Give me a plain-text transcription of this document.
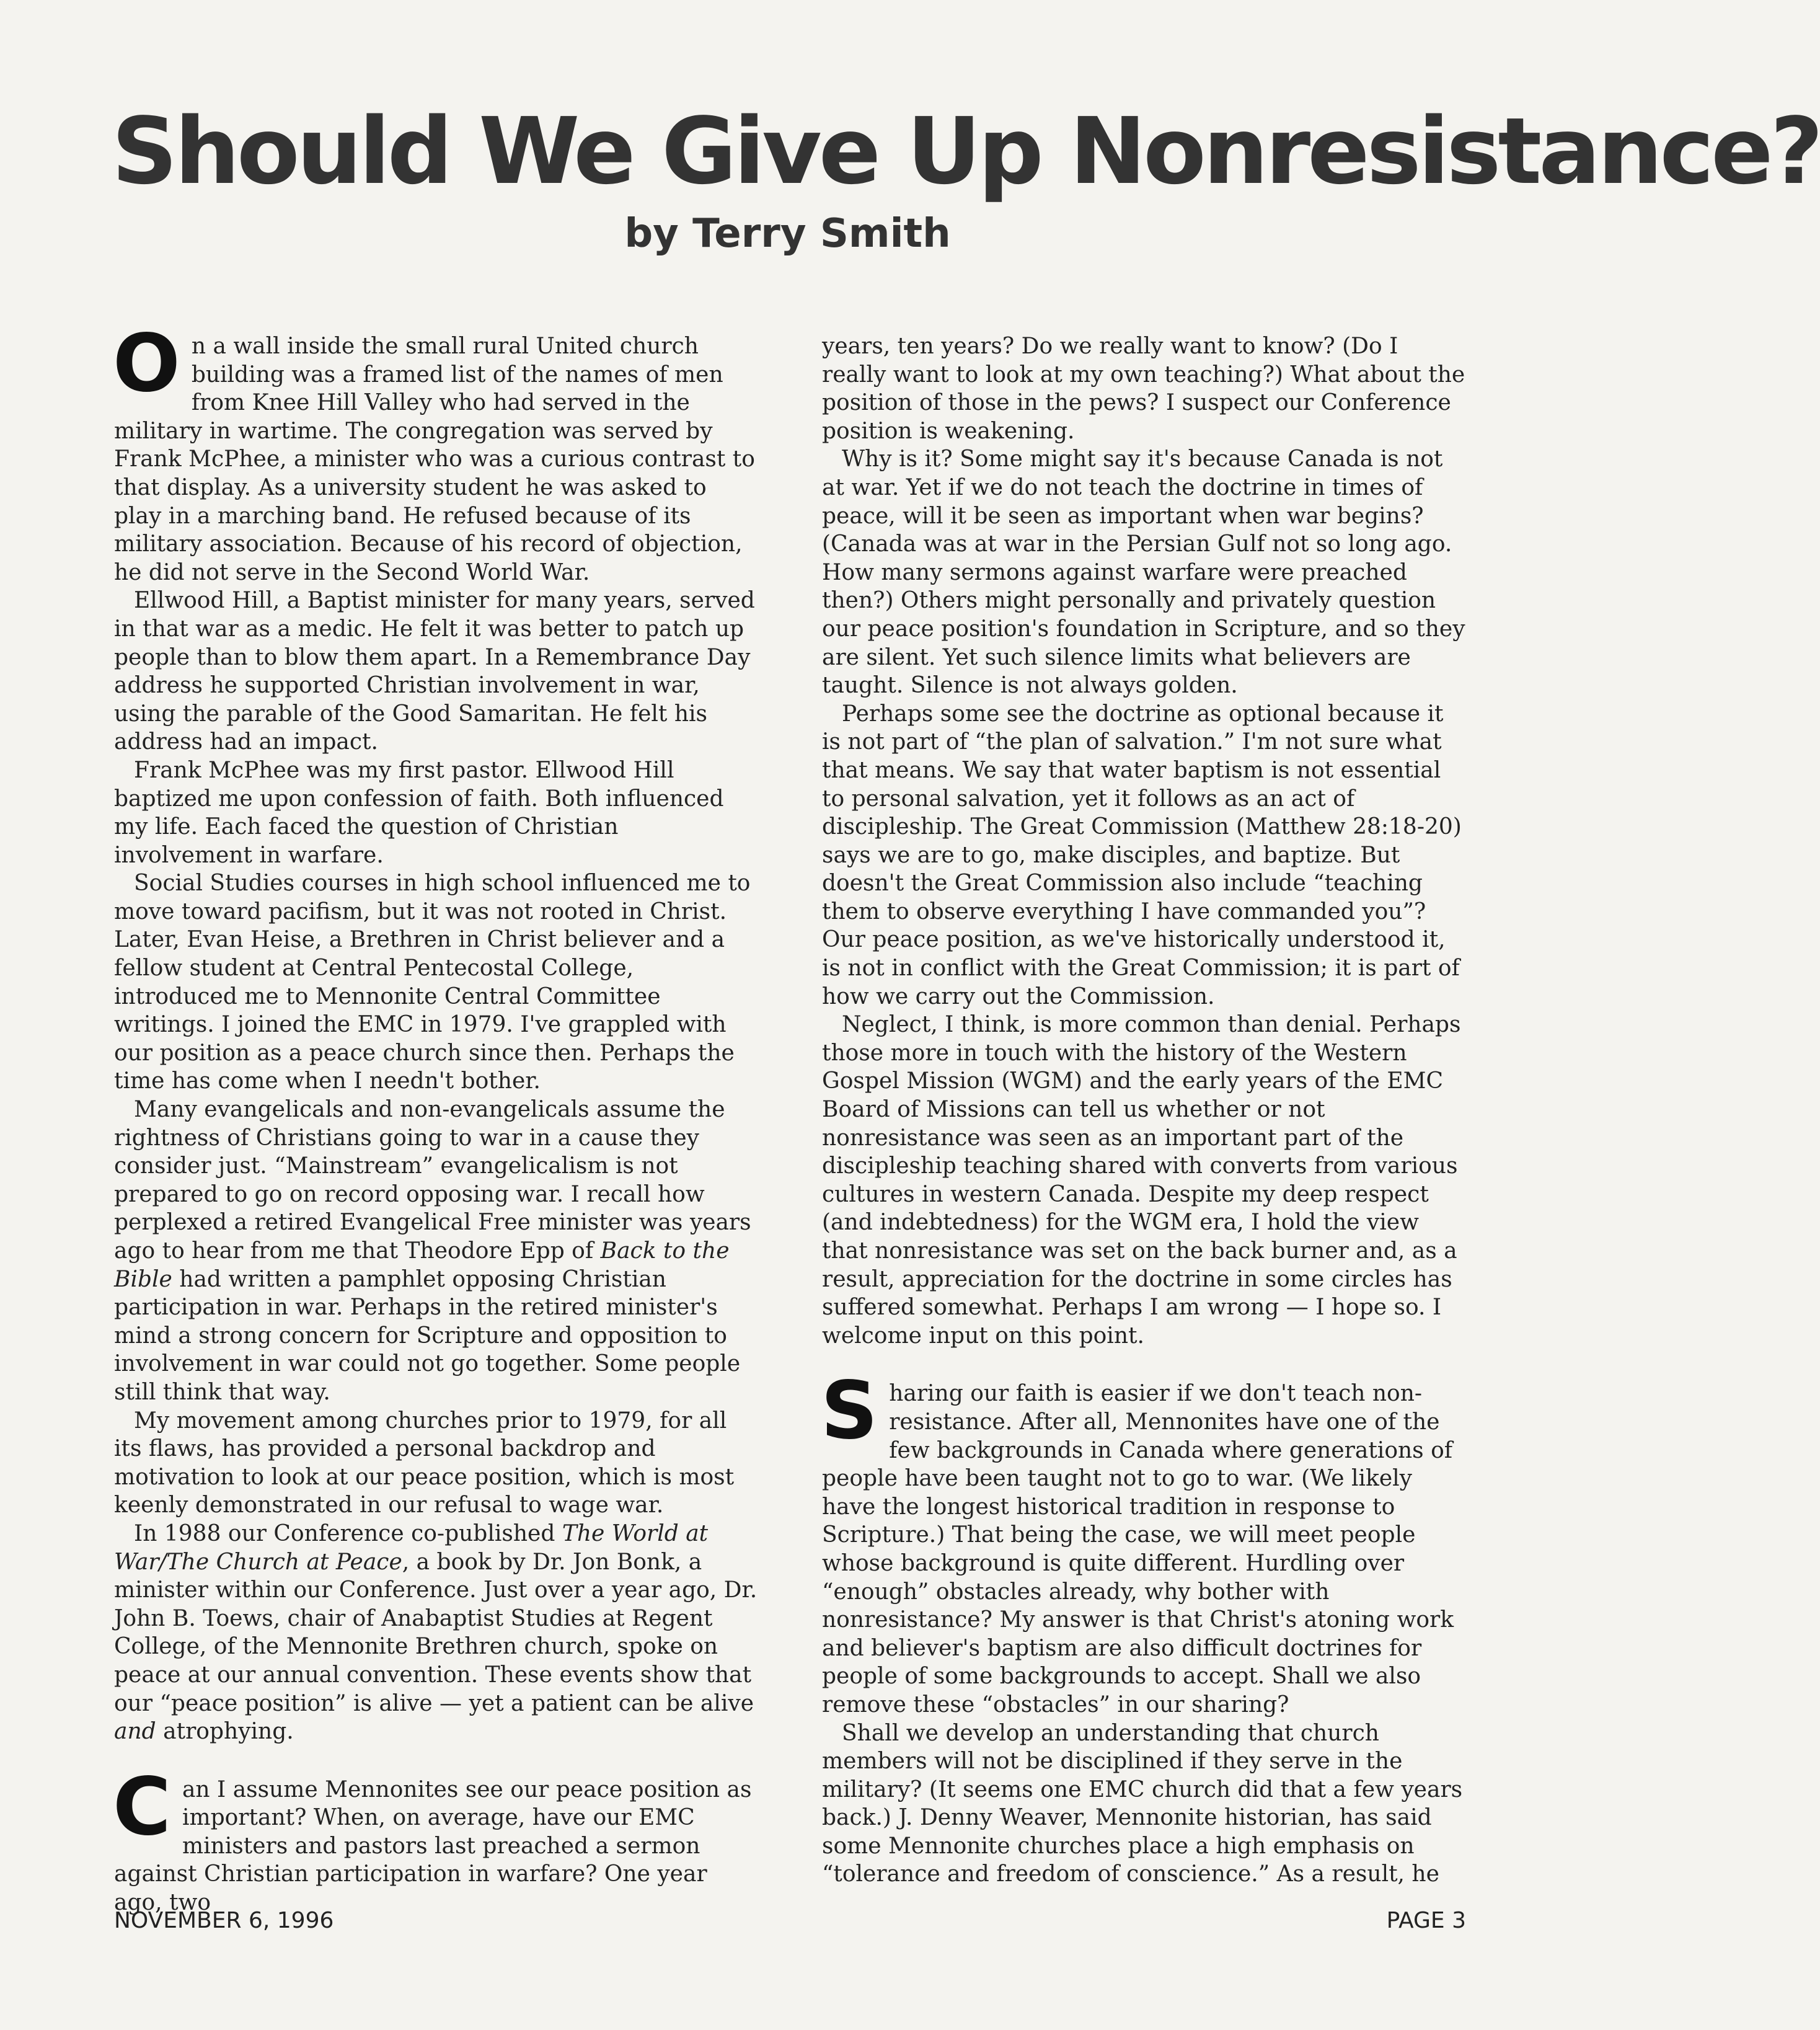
Should We Give Up Nonresistance?
by Terry Smith

On a wall inside the small rural United church building was a framed list of the names of men from Knee Hill Valley who had served in the military in wartime. The congregation was served by Frank McPhee, a minister who was a curious contrast to that display. As a university student he was asked to play in a marching band. He refused because of its military association. Because of his record of objection, he did not serve in the Second World War.

Ellwood Hill, a Baptist minister for many years, served in that war as a medic. He felt it was better to patch up people than to blow them apart. In a Remembrance Day address he supported Christian involvement in war, using the parable of the Good Samaritan. He felt his address had an impact.

Frank McPhee was my first pastor. Ellwood Hill baptized me upon confession of faith. Both influenced my life. Each faced the question of Christian involvement in warfare.

Social Studies courses in high school influenced me to move toward pacifism, but it was not rooted in Christ. Later, Evan Heise, a Brethren in Christ believer and a fellow student at Central Pentecostal College, introduced me to Mennonite Central Committee writings. I joined the EMC in 1979. I've grappled with our position as a peace church since then. Perhaps the time has come when I needn't bother.

Many evangelicals and non-evangelicals assume the rightness of Christians going to war in a cause they consider just. “Mainstream” evangelicalism is not prepared to go on record opposing war. I recall how perplexed a retired Evangelical Free minister was years ago to hear from me that Theodore Epp of Back to the Bible had written a pamphlet opposing Christian participation in war. Perhaps in the retired minister's mind a strong concern for Scripture and opposition to involvement in war could not go together. Some people still think that way.

My movement among churches prior to 1979, for all its flaws, has provided a personal backdrop and motivation to look at our peace position, which is most keenly demonstrated in our refusal to wage war.

In 1988 our Conference co-published The World at War/The Church at Peace, a book by Dr. Jon Bonk, a minister within our Conference. Just over a year ago, Dr. John B. Toews, chair of Anabaptist Studies at Regent College, of the Mennonite Brethren church, spoke on peace at our annual convention. These events show that our “peace position” is alive — yet a patient can be alive and atrophying.

Can I assume Mennonites see our peace position as important? When, on average, have our EMC ministers and pastors last preached a sermon against Christian participation in warfare? One year ago, two

years, ten years? Do we really want to know? (Do I really want to look at my own teaching?) What about the position of those in the pews? I suspect our Conference position is weakening.

Why is it? Some might say it's because Canada is not at war. Yet if we do not teach the doctrine in times of peace, will it be seen as important when war begins? (Canada was at war in the Persian Gulf not so long ago. How many sermons against warfare were preached then?) Others might personally and privately question our peace position's foundation in Scripture, and so they are silent. Yet such silence limits what believers are taught. Silence is not always golden.

Perhaps some see the doctrine as optional because it is not part of “the plan of salvation.” I'm not sure what that means. We say that water baptism is not essential to personal salvation, yet it follows as an act of discipleship. The Great Commission (Matthew 28:18-20) says we are to go, make disciples, and baptize. But doesn't the Great Commission also include “teaching them to observe everything I have commanded you”? Our peace position, as we've historically understood it, is not in conflict with the Great Commission; it is part of how we carry out the Commission.

Neglect, I think, is more common than denial. Perhaps those more in touch with the history of the Western Gospel Mission (WGM) and the early years of the EMC Board of Missions can tell us whether or not nonresistance was seen as an important part of the discipleship teaching shared with converts from various cultures in western Canada. Despite my deep respect (and indebtedness) for the WGM era, I hold the view that nonresistance was set on the back burner and, as a result, appreciation for the doctrine in some circles has suffered somewhat. Perhaps I am wrong — I hope so. I welcome input on this point.

Sharing our faith is easier if we don't teach non-resistance. After all, Mennonites have one of the few backgrounds in Canada where generations of people have been taught not to go to war. (We likely have the longest historical tradition in response to Scripture.) That being the case, we will meet people whose background is quite different. Hurdling over “enough” obstacles already, why bother with nonresistance? My answer is that Christ's atoning work and believer's baptism are also difficult doctrines for people of some backgrounds to accept. Shall we also remove these “obstacles” in our sharing?

Shall we develop an understanding that church members will not be disciplined if they serve in the military? (It seems one EMC church did that a few years back.) J. Denny Weaver, Mennonite historian, has said some Mennonite churches place a high emphasis on “tolerance and freedom of conscience.” As a result, he

NOVEMBER 6, 1996	PAGE 3
